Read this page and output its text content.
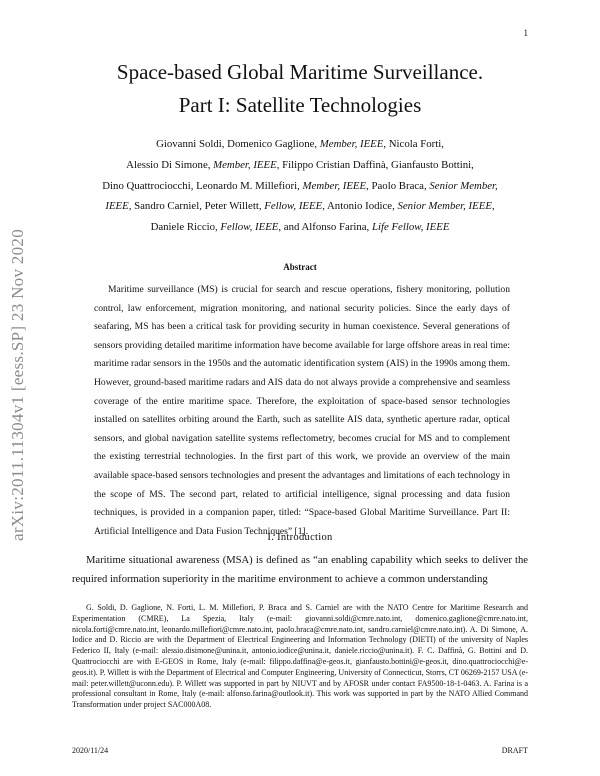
1
arXiv:2011.11304v1 [eess.SP] 23 Nov 2020
Space-based Global Maritime Surveillance.
Part I: Satellite Technologies
Giovanni Soldi, Domenico Gaglione, Member, IEEE, Nicola Forti,
Alessio Di Simone, Member, IEEE, Filippo Cristian Daffinà, Gianfausto Bottini,
Dino Quattrociocchi, Leonardo M. Millefiori, Member, IEEE, Paolo Braca, Senior Member, IEEE, Sandro Carniel, Peter Willett, Fellow, IEEE, Antonio Iodice, Senior Member, IEEE, Daniele Riccio, Fellow, IEEE, and Alfonso Farina, Life Fellow, IEEE
Abstract

Maritime surveillance (MS) is crucial for search and rescue operations, fishery monitoring, pollution control, law enforcement, migration monitoring, and national security policies. Since the early days of seafaring, MS has been a critical task for providing security in human coexistence. Several generations of sensors providing detailed maritime information have become available for large offshore areas in real time: maritime radar sensors in the 1950s and the automatic identification system (AIS) in the 1990s among them. However, ground-based maritime radars and AIS data do not always provide a comprehensive and seamless coverage of the entire maritime space. Therefore, the exploitation of space-based sensor technologies installed on satellites orbiting around the Earth, such as satellite AIS data, synthetic aperture radar, optical sensors, and global navigation satellite systems reflectometry, becomes crucial for MS and to complement the existing terrestrial technologies. In the first part of this work, we provide an overview of the main available space-based sensors technologies and present the advantages and limitations of each technology in the scope of MS. The second part, related to artificial intelligence, signal processing and data fusion techniques, is provided in a companion paper, titled: “Space-based Global Maritime Surveillance. Part II: Artificial Intelligence and Data Fusion Techniques” [1].

I. Introduction

Maritime situational awareness (MSA) is defined as “an enabling capability which seeks to deliver the required information superiority in the maritime environment to achieve a common understanding

G. Soldi, D. Gaglione, N. Forti, L. M. Millefiori, P. Braca and S. Carniel are with the NATO Centre for Maritime Research and Experimentation (CMRE), La Spezia, Italy (e-mail: giovanni.soldi@cmre.nato.int, domenico.gaglione@cmre.nato.int, nicola.forti@cmre.nato.int, leonardo.millefiori@cmre.nato.int, paolo.braca@cmre.nato.int, sandro.carniel@cmre.nato.int). A. Di Simone, A. Iodice and D. Riccio are with the Department of Electrical Engineering and Information Technology (DIETI) of the university of Naples Federico II, Italy (e-mail: alessio.disimone@unina.it, antonio.iodice@unina.it, daniele.riccio@unina.it). F. C. Daffinà, G. Bottini and D. Quattrociocchi are with E-GEOS in Rome, Italy (e-mail: filippo.daffina@e-geos.it, gianfausto.bottini@e-geos.it, dino.quattrociocchi@e-geos.it). P. Willett is with the Department of Electrical and Computer Engineering, University of Connecticut, Storrs, CT 06269-2157 USA (e-mail: peter.willett@uconn.edu). P. Willett was supported in part by NIUVT and by AFOSR under contact FA9500-18-1-0463. A. Farina is a professional consultant in Rome, Italy (e-mail: alfonso.farina@outlook.it). This work was supported in part by the NATO Allied Command Transformation under project SAC000A08.

2020/11/24	DRAFT
